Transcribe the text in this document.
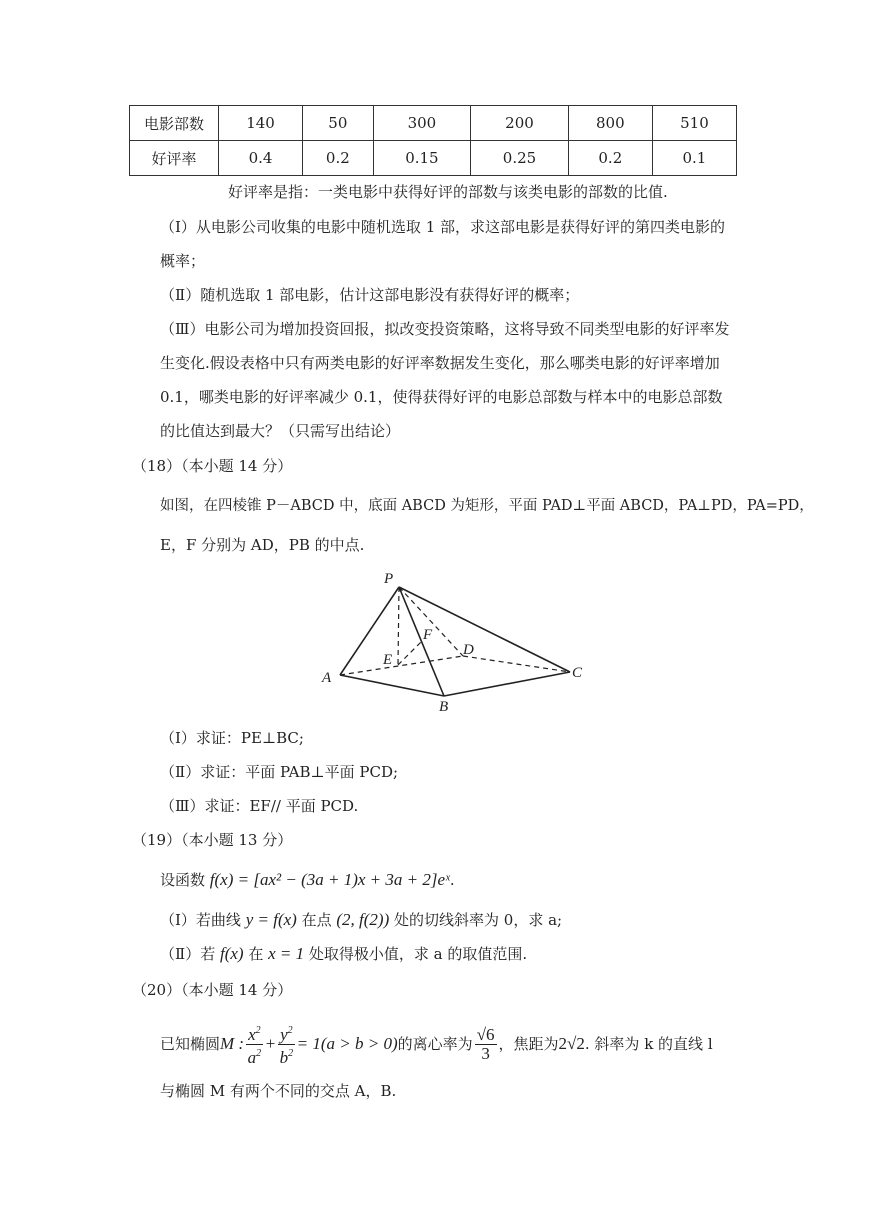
电影部数	140	50	300	200	800	510
好评率	0.4	0.2	0.15	0.25	0.2	0.1
好评率是指：一类电影中获得好评的部数与该类电影的部数的比值.
（Ⅰ）从电影公司收集的电影中随机选取 1 部，求这部电影是获得好评的第四类电影的
概率；
（Ⅱ）随机选取 1 部电影，估计这部电影没有获得好评的概率；
（Ⅲ）电影公司为增加投资回报，拟改变投资策略，这将导致不同类型电影的好评率发
生变化.假设表格中只有两类电影的好评率数据发生变化，那么哪类电影的好评率增加
0.1，哪类电影的好评率减少 0.1，使得获得好评的电影总部数与样本中的电影总部数
的比值达到最大？（只需写出结论）
（18）（本小题 14 分）
如图，在四棱锥 P－ABCD 中，底面 ABCD 为矩形，平面 PAD⊥平面 ABCD，PA⊥PD，PA=PD，
E，F 分别为 AD，PB 的中点.
P
A
B
C
D
E
F
（Ⅰ）求证：PE⊥BC;
（Ⅱ）求证：平面 PAB⊥平面 PCD;
（Ⅲ）求证：EF// 平面 PCD.
（19）（本小题 13 分）
设函数 f(x) = [ax² − (3a + 1)x + 3a + 2]eˣ.
（Ⅰ）若曲线 y = f(x) 在点 (2, f(2)) 处的切线斜率为 0，求 a;
（Ⅱ）若 f(x) 在 x = 1 处取得极小值，求 a 的取值范围.
（20）（本小题 14 分）
已知椭圆 M : $\frac{x^2}{a^2} + \frac{y^2}{b^2} = 1(a > b > 0)$ 的离心率为 $\frac{√6}{3}$ ，焦距为 2√2 . 斜率为 k 的直线 l
与椭圆 M 有两个不同的交点 A，B.
